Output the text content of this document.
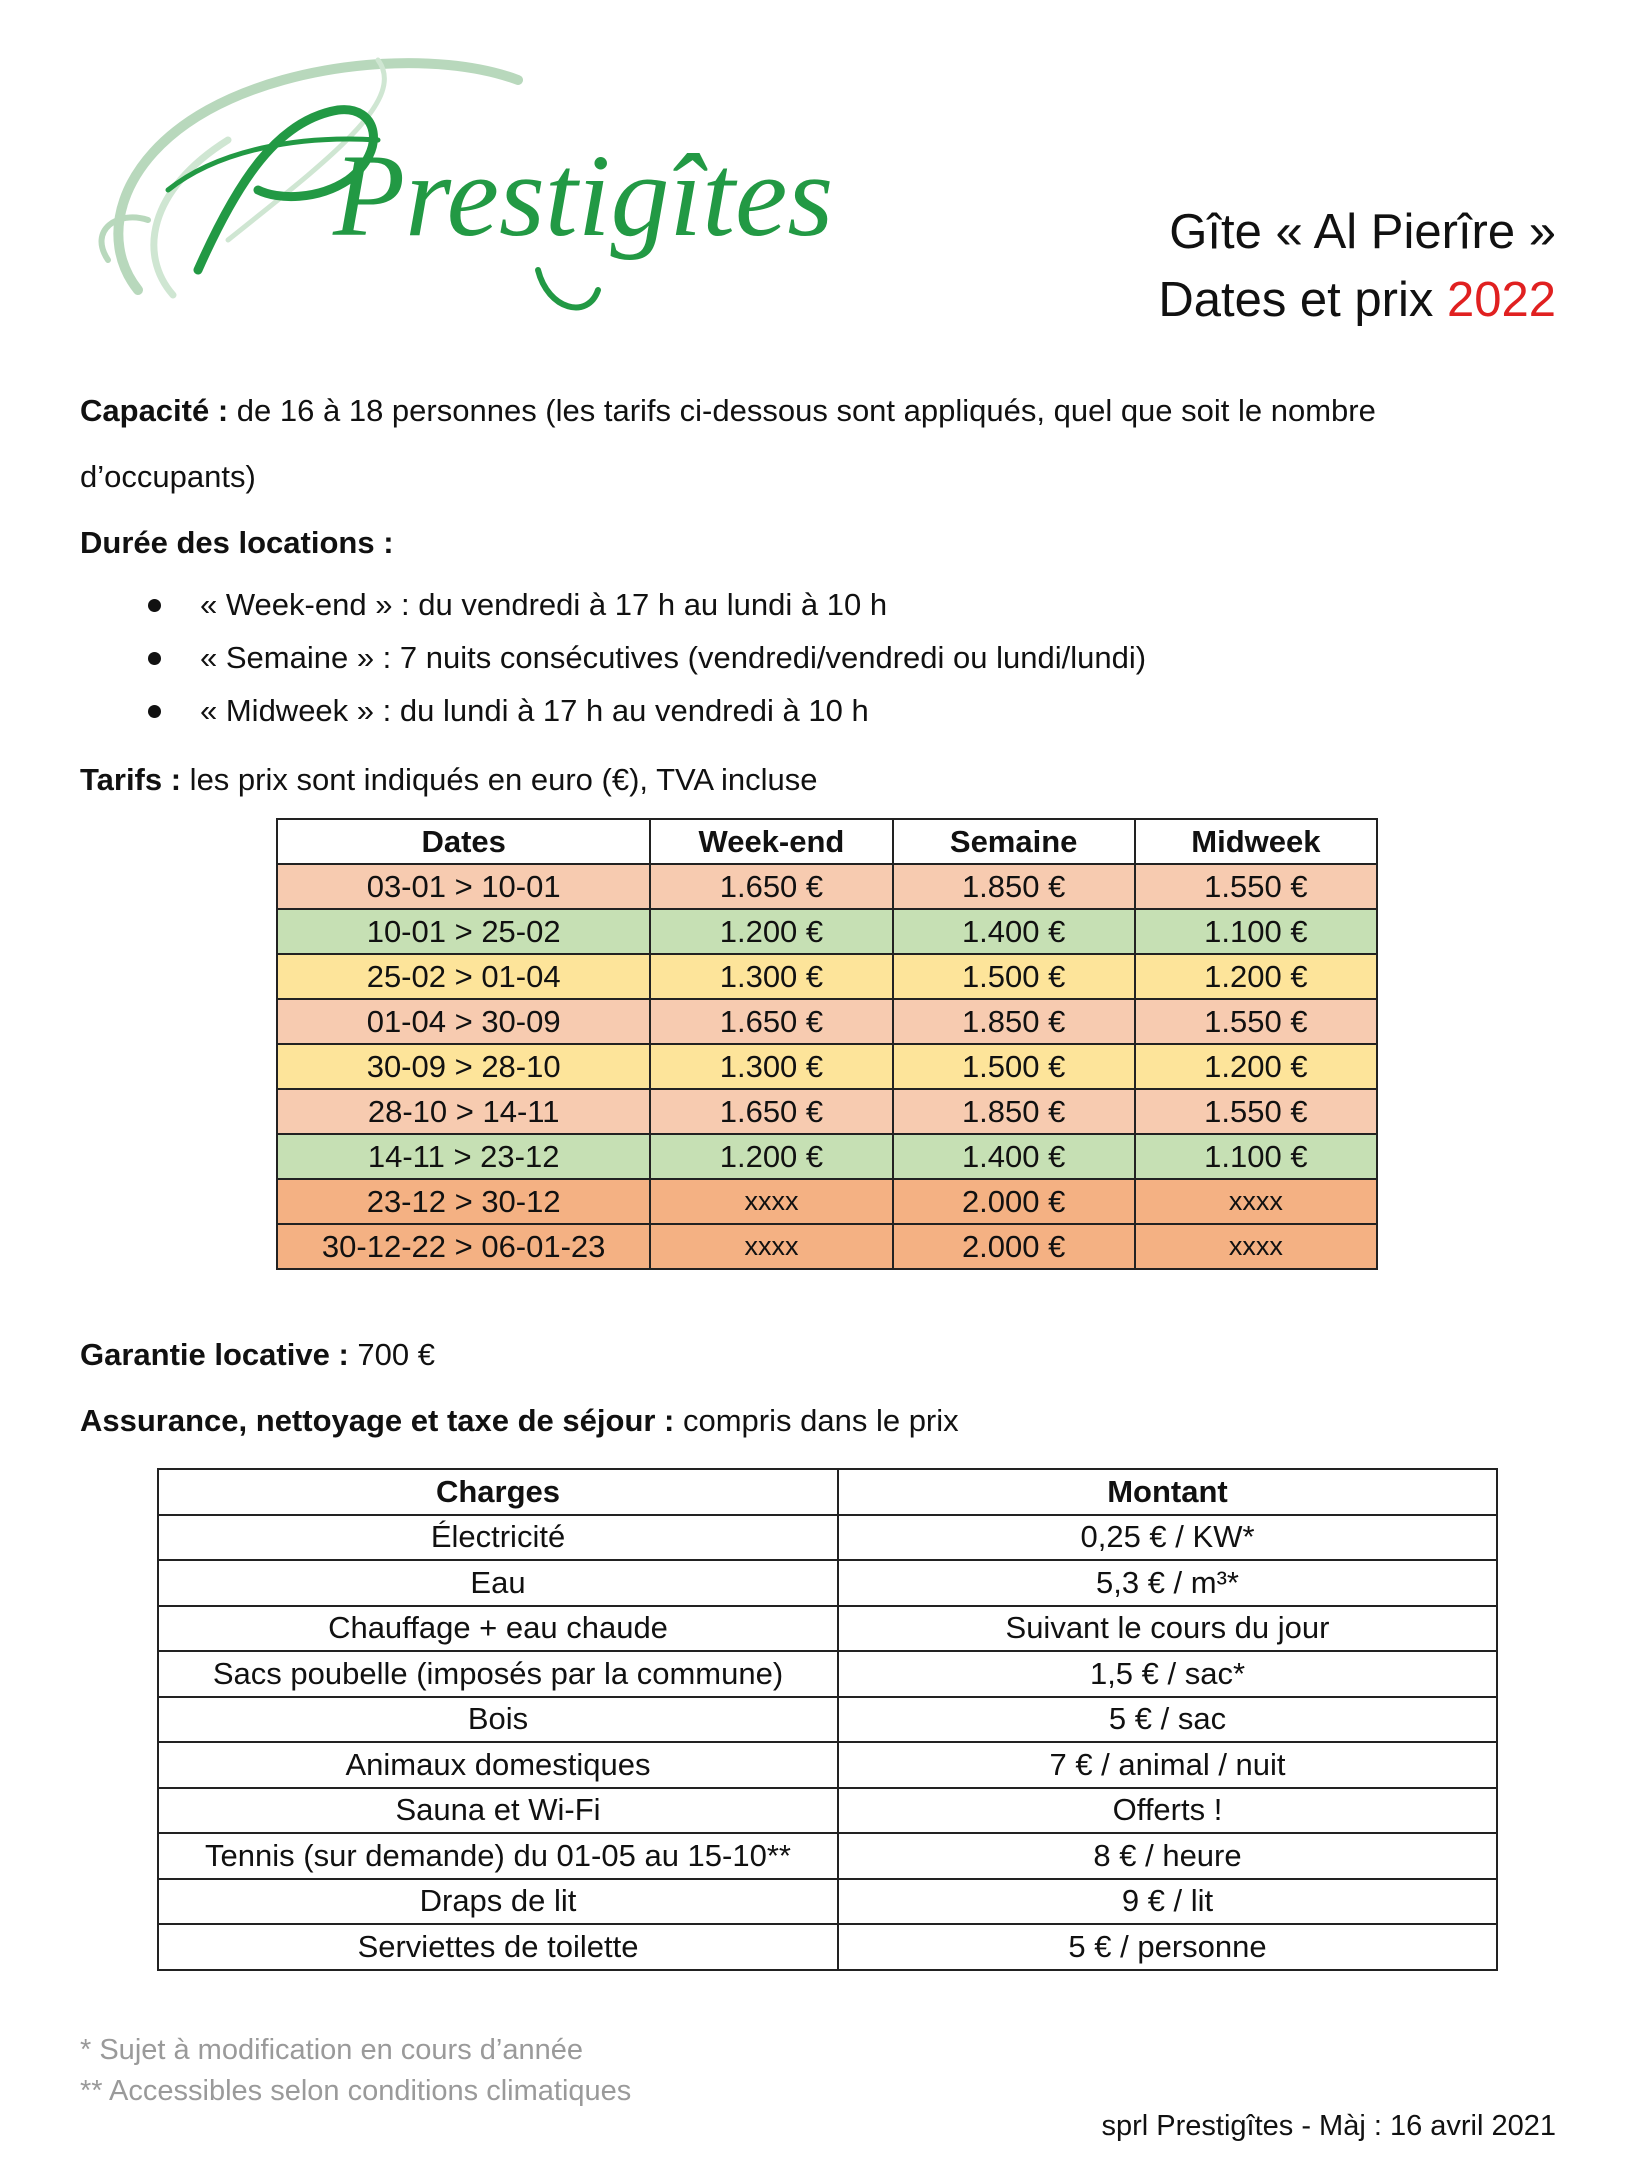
Prestigîtes	Gîte « Al Pierîre »
Dates et prix 2022

Capacité : de 16 à 18 personnes (les tarifs ci-dessous sont appliqués, quel que soit le nombre

d’occupants)

Durée des locations :

« Week-end » : du vendredi à 17 h au lundi à 10 h
« Semaine » : 7 nuits consécutives (vendredi/vendredi ou lundi/lundi)
« Midweek » : du lundi à 17 h au vendredi à 10 h

Tarifs : les prix sont indiqués en euro (€), TVA incluse

Dates	Week-end	Semaine	Midweek
03-01 > 10-01	1.650 €	1.850 €	1.550 €
10-01 > 25-02	1.200 €	1.400 €	1.100 €
25-02 > 01-04	1.300 €	1.500 €	1.200 €
01-04 > 30-09	1.650 €	1.850 €	1.550 €
30-09 > 28-10	1.300 €	1.500 €	1.200 €
28-10 > 14-11	1.650 €	1.850 €	1.550 €
14-11 > 23-12	1.200 €	1.400 €	1.100 €
23-12 > 30-12	xxxx	2.000 €	xxxx
30-12-22 > 06-01-23	xxxx	2.000 €	xxxx

Garantie locative : 700 €

Assurance, nettoyage et taxe de séjour : compris dans le prix

Charges	Montant
Électricité	0,25 € / KW*
Eau	5,3 € / m³*
Chauffage + eau chaude	Suivant le cours du jour
Sacs poubelle (imposés par la commune)	1,5 € / sac*
Bois	5 € / sac
Animaux domestiques	7 € / animal / nuit
Sauna et Wi-Fi	Offerts !
Tennis (sur demande) du 01-05 au 15-10**	8 € / heure
Draps de lit	9 € / lit
Serviettes de toilette	5 € / personne
* Sujet à modification en cours d’année
** Accessibles selon conditions climatiques
sprl Prestigîtes - Màj : 16 avril 2021
